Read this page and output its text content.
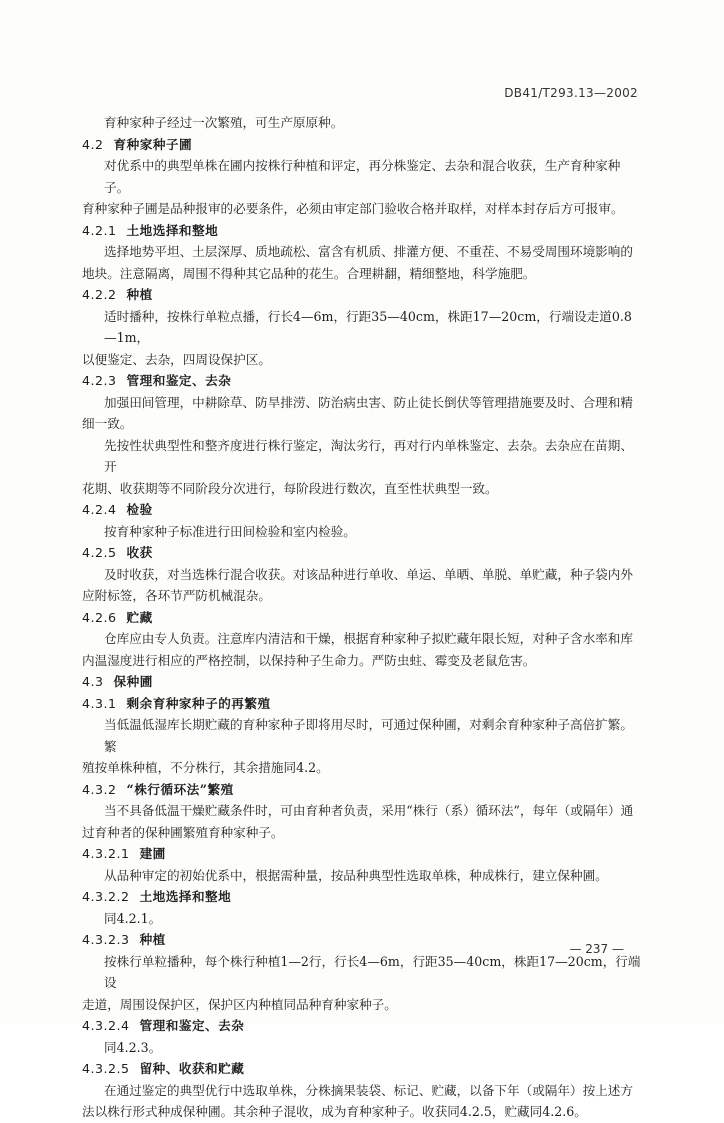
DB41/T293.13—2002

育种家种子经过一次繁殖，可生产原原种。

4.2 育种家种子圃

对优系中的典型单株在圃内按株行种植和评定，再分株鉴定、去杂和混合收获，生产育种家种子。

育种家种子圃是品种报审的必要条件，必须由审定部门验收合格并取样，对样本封存后方可报审。

4.2.1 土地选择和整地

选择地势平坦、土层深厚、质地疏松、富含有机质、排灌方便、不重茬、不易受周围环境影响的

地块。注意隔离，周围不得种其它品种的花生。合理耕翻，精细整地，科学施肥。

4.2.2 种植

适时播种，按株行单粒点播，行长4—6m，行距35—40cm，株距17—20cm，行端设走道0.8—1m，

以便鉴定、去杂，四周设保护区。

4.2.3 管理和鉴定、去杂

加强田间管理，中耕除草、防旱排涝、防治病虫害、防止徒长倒伏等管理措施要及时、合理和精

细一致。

先按性状典型性和整齐度进行株行鉴定，淘汰劣行，再对行内单株鉴定、去杂。去杂应在苗期、开

花期、收获期等不同阶段分次进行，每阶段进行数次，直至性状典型一致。

4.2.4 检验

按育种家种子标准进行田间检验和室内检验。

4.2.5 收获

及时收获，对当选株行混合收获。对该品种进行单收、单运、单晒、单脱、单贮藏，种子袋内外

应附标签，各环节严防机械混杂。

4.2.6 贮藏

仓库应由专人负责。注意库内清洁和干燥，根据育种家种子拟贮藏年限长短，对种子含水率和库

内温湿度进行相应的严格控制，以保持种子生命力。严防虫蛀、霉变及老鼠危害。

4.3 保种圃

4.3.1 剩余育种家种子的再繁殖

当低温低湿库长期贮藏的育种家种子即将用尽时，可通过保种圃，对剩余育种家种子高倍扩繁。繁

殖按单株种植，不分株行，其余措施同4.2。

4.3.2 “株行循环法”繁殖

当不具备低温干燥贮藏条件时，可由育种者负责，采用“株行（系）循环法”，每年（或隔年）通

过育种者的保种圃繁殖育种家种子。

4.3.2.1 建圃

从品种审定的初始优系中，根据需种量，按品种典型性选取单株，种成株行，建立保种圃。

4.3.2.2 土地选择和整地

同4.2.1。

4.3.2.3 种植

按株行单粒播种，每个株行种植1—2行，行长4—6m，行距35—40cm，株距17—20cm，行端设

走道，周围设保护区，保护区内种植同品种育种家种子。

4.3.2.4 管理和鉴定、去杂

同4.2.3。

4.3.2.5 留种、收获和贮藏

在通过鉴定的典型优行中选取单株，分株摘果装袋、标记、贮藏，以备下年（或隔年）按上述方

法以株行形式种成保种圃。其余种子混收，成为育种家种子。收获同4.2.5，贮藏同4.2.6。

— 237 —
